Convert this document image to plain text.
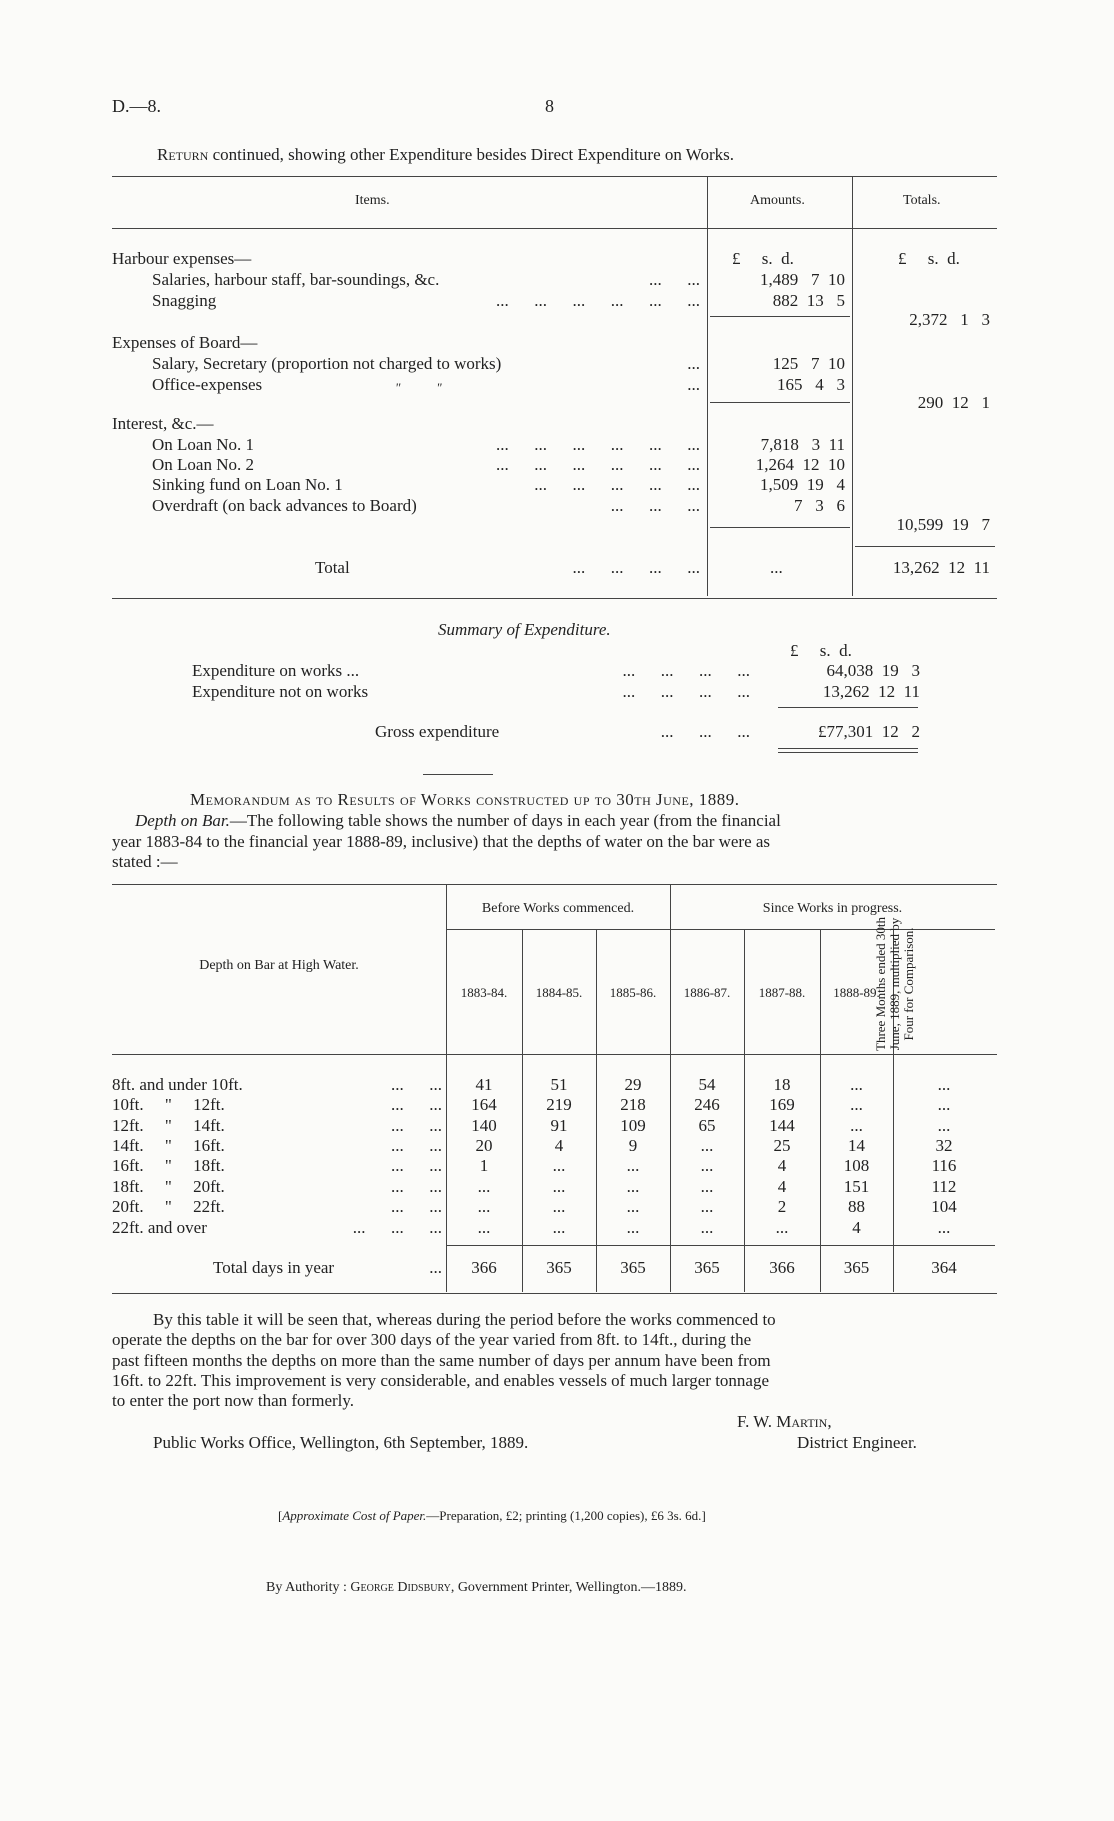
D.—8.	8
Return continued, showing other Expenditure besides Direct Expenditure on Works.
Items.	Amounts.	Totals.
£     s.  d.	£     s.  d.
Harbour expenses—
Salaries, harbour staff, bar-soundings, &c.	...      ...	1,489   7  10
Snagging	...      ...      ...      ...      ...      ...	882  13   5
2,372   1   3
Expenses of Board—
Salary, Secretary (proportion not charged to works)	...	125   7  10
Office-expenses	"           "	...	165   4   3
290  12   1
Interest, &c.—
On Loan No. 1	...      ...      ...      ...      ...      ...	7,818   3  11
On Loan No. 2	...      ...      ...      ...      ...      ...	1,264  12  10
Sinking fund on Loan No. 1	...      ...      ...      ...      ...	1,509  19   4
Overdraft (on back advances to Board)	...      ...      ...	7   3   6
10,599  19   7
Total	...      ...      ...      ...	...	13,262  12  11
Summary of Expenditure.
£     s.  d.
Expenditure on works ...	...      ...      ...      ...	64,038  19   3
Expenditure not on works	...      ...      ...      ...	13,262  12  11
Gross expenditure	...      ...      ...	£77,301  12   2
Memorandum as to Results of Works constructed up to 30th June, 1889.
Depth on Bar.—The following table shows the number of days in each year (from the financial
year 1883-84 to the financial year 1888-89, inclusive) that the depths of water on the bar were as
stated :—
Before Works commenced.	Since Works in progress.
Depth on Bar at High Water.
1883-84.	1884-85.	1885-86.	1886-87.	1887-88.	1888-89.
Three Months ended 30th June, 1889, multiplied by Four for Comparison.
8ft. and under 10ft.	...      ...	41	51	29	54	18	...	...
10ft.     "     12ft.	...      ...	164	219	218	246	169	...	...
12ft.     "     14ft.	...      ...	140	91	109	65	144	...	...
14ft.     "     16ft.	...      ...	20	4	9	...	25	14	32
16ft.     "     18ft.	...      ...	1	...	...	...	4	108	116
18ft.     "     20ft.	...      ...	...	...	...	...	4	151	112
20ft.     "     22ft.	...      ...	...	...	...	...	2	88	104
22ft. and over	...      ...      ...	...	...	...	...	...	4	...
Total days in year	...	366	365	365	365	366	365	364
By this table it will be seen that, whereas during the period before the works commenced to
operate the depths on the bar for over 300 days of the year varied from 8ft. to 14ft., during the
past fifteen months the depths on more than the same number of days per annum have been from
16ft. to 22ft. This improvement is very considerable, and enables vessels of much larger tonnage
to enter the port now than formerly.
F. W. Martin,
District Engineer.
Public Works Office, Wellington, 6th September, 1889.
[Approximate Cost of Paper.—Preparation, £2; printing (1,200 copies), £6 3s. 6d.]
By Authority : George Didsbury, Government Printer, Wellington.—1889.
